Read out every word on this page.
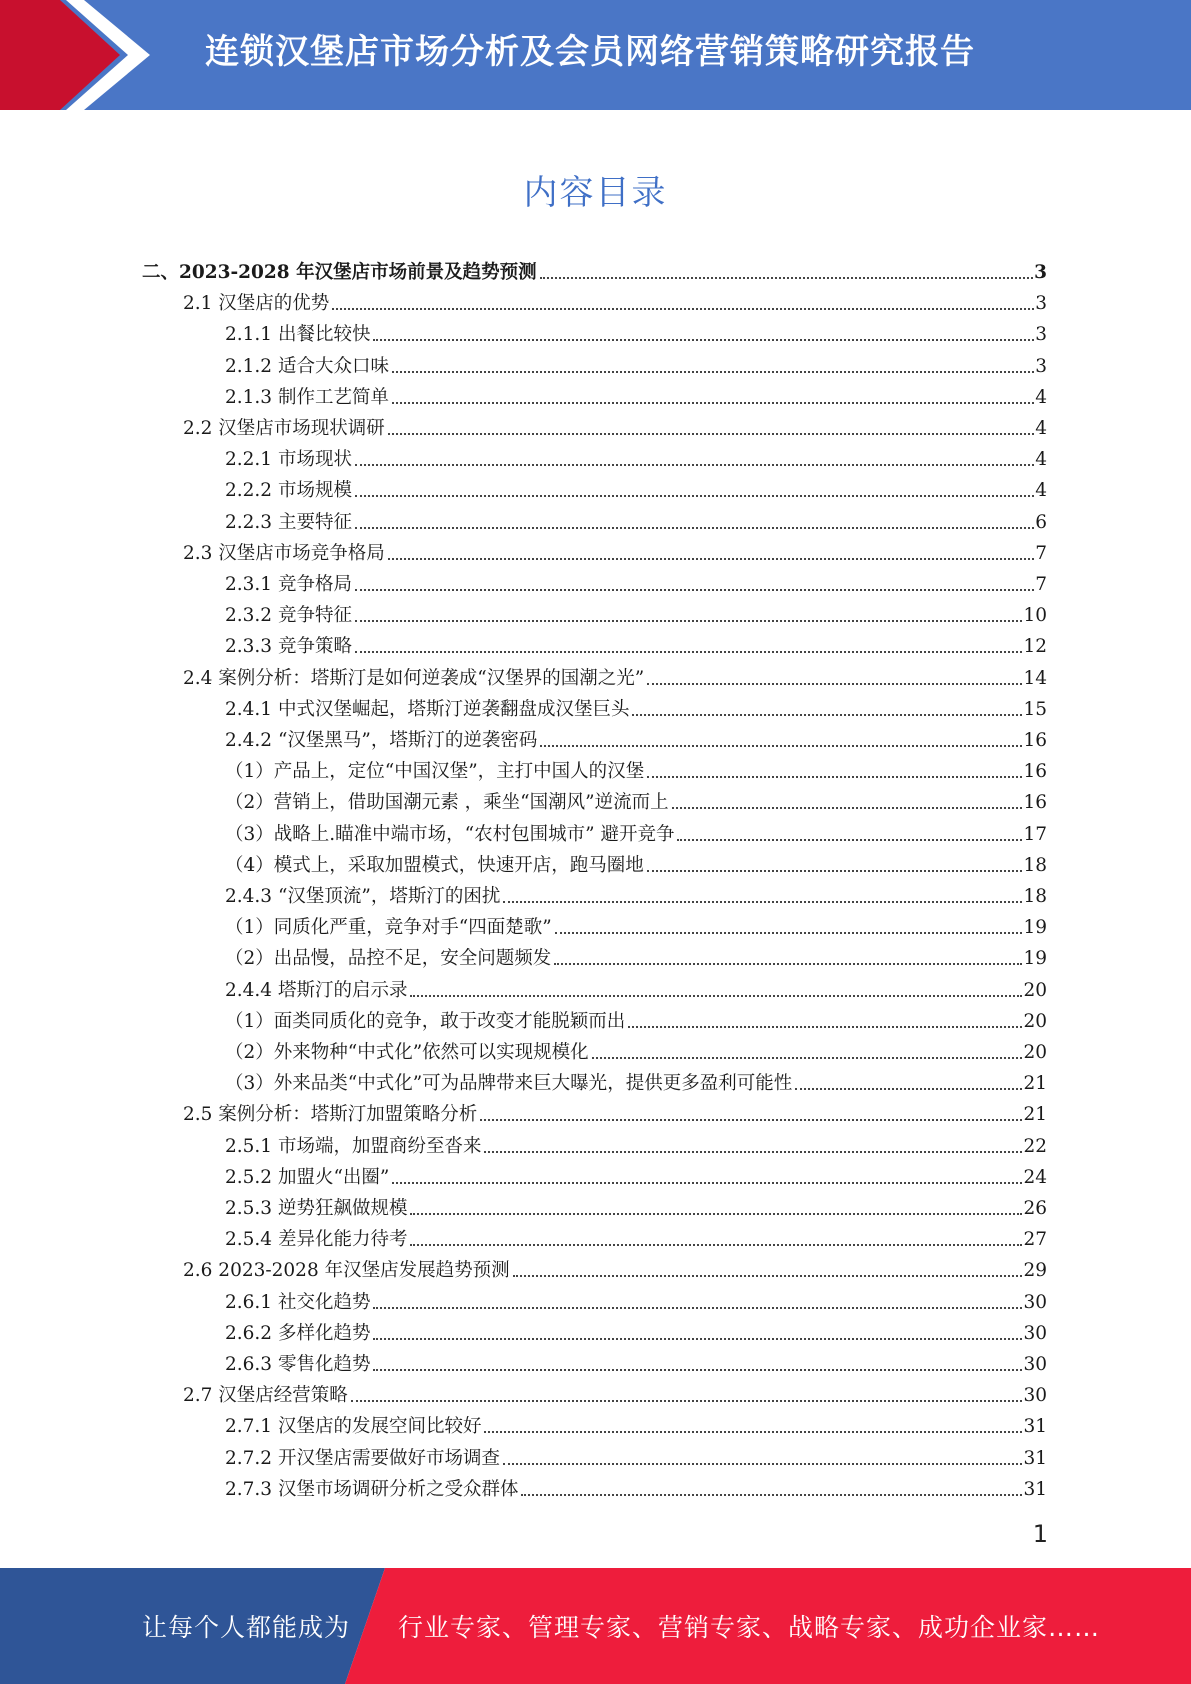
连锁汉堡店市场分析及会员网络营销策略研究报告
内容目录
二、2023-2028 年汉堡店市场前景及趋势预测	3
2.1 汉堡店的优势	3
2.1.1 出餐比较快	3
2.1.2 适合大众口味	3
2.1.3 制作工艺简单	4
2.2 汉堡店市场现状调研	4
2.2.1 市场现状	4
2.2.2 市场规模	4
2.2.3 主要特征	6
2.3 汉堡店市场竞争格局	7
2.3.1 竞争格局	7
2.3.2 竞争特征	10
2.3.3 竞争策略	12
2.4 案例分析：塔斯汀是如何逆袭成“汉堡界的国潮之光”	14
2.4.1 中式汉堡崛起，塔斯汀逆袭翻盘成汉堡巨头	15
2.4.2 “汉堡黑马”，塔斯汀的逆袭密码	16
（1）产品上，定位“中国汉堡”，主打中国人的汉堡	16
（2）营销上，借助国潮元素 ，乘坐“国潮风”逆流而上	16
（3）战略上.瞄准中端市场，“农村包围城市” 避开竞争	17
（4）模式上，采取加盟模式，快速开店，跑马圈地	18
2.4.3 “汉堡顶流”，塔斯汀的困扰	18
（1）同质化严重，竞争对手“四面楚歌”	19
（2）出品慢，品控不足，安全问题频发	19
2.4.4 塔斯汀的启示录	20
（1）面类同质化的竞争，敢于改变才能脱颖而出	20
（2）外来物种“中式化”依然可以实现规模化	20
（3）外来品类“中式化”可为品牌带来巨大曝光，提供更多盈利可能性	21
2.5 案例分析：塔斯汀加盟策略分析	21
2.5.1 市场端，加盟商纷至沓来	22
2.5.2 加盟火“出圈”	24
2.5.3 逆势狂飙做规模	26
2.5.4 差异化能力待考	27
2.6 2023-2028 年汉堡店发展趋势预测	29
2.6.1 社交化趋势	30
2.6.2 多样化趋势	30
2.6.3 零售化趋势	30
2.7 汉堡店经营策略	30
2.7.1 汉堡店的发展空间比较好	31
2.7.2 开汉堡店需要做好市场调查	31
2.7.3 汉堡市场调研分析之受众群体	31
1
让每个人都能成为 行业专家、管理专家、营销专家、战略专家、成功企业家……
